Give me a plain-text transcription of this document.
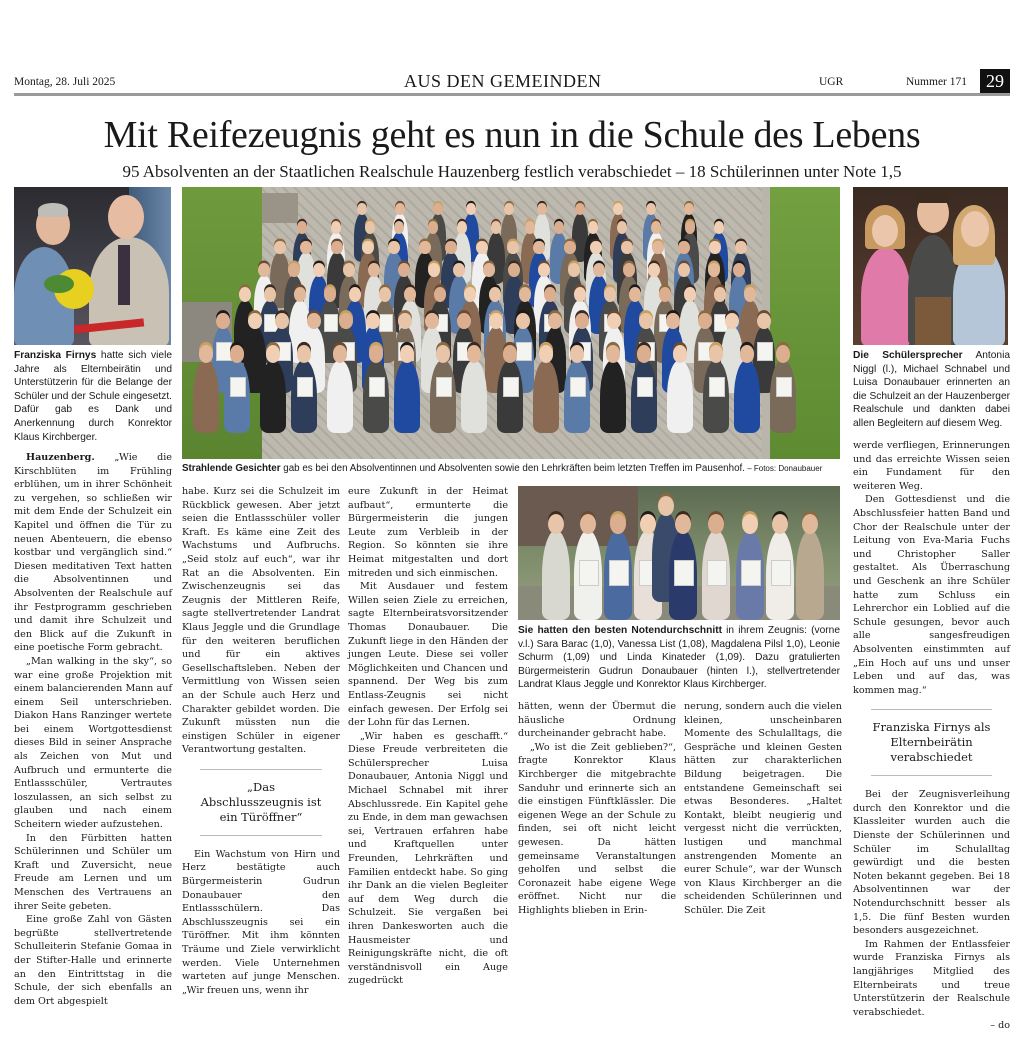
Montag, 28. Juli 2025	AUS DEN GEMEINDEN	UGR	Nummer 171	29
Mit Reifezeugnis geht es nun in die Schule des Lebens
95 Absolventen an der Staatlichen Realschule Hauzenberg festlich verabschiedet – 18 Schülerinnen unter Note 1,5
Franziska Firnys hatte sich viele Jahre als Elternbeirätin und Unterstützerin für die Belange der Schüler und der Schule eingesetzt. Dafür gab es Dank und Anerkennung durch Konrektor Klaus Kirchberger.
Strahlende Gesichter gab es bei den Absolventinnen und Absolventen sowie den Lehrkräften beim letzten Treffen im Pausenhof. – Fotos: Donaubauer
Die Schülersprecher Antonia Niggl (l.), Michael Schnabel und Luisa Donaubauer erinnerten an die Schulzeit an der Hauzenberger Realschule und dankten dabei allen Begleitern auf diesem Weg.
Sie hatten den besten Notendurchschnitt in ihrem Zeugnis: (vorne v.l.) Sara Barac (1,0), Vanessa List (1,08), Magdalena Pilsl 1,0), Leonie Schurm (1,09) und Linda Kinateder (1,09). Dazu gratulierten Bürgermeisterin Gudrun Donaubauer (hinten l.), stellvertretender Landrat Klaus Jeggle und Konrektor Klaus Kirchberger.

Hauzenberg. „Wie die Kirschblüten im Frühling erblühen, um in ihrer Schönheit zu vergehen, so schließen wir mit dem Ende der Schulzeit ein Kapitel und öffnen die Tür zu neuen Abenteuern, die ebenso kostbar und vergänglich sind.“ Diesen meditativen Text hatten die Absolventinnen und Absolventen der Realschule auf ihr Festprogramm geschrieben und damit ihre Schulzeit und den Blick auf die Zukunft in eine poetische Form gebracht.

„Man walking in the sky“, so war eine große Projektion mit einem balancierenden Mann auf einem Seil unterschrieben. Diakon Hans Ranzinger wertete bei einem Wortgottesdienst dieses Bild in seiner Ansprache als Zeichen von Mut und Aufbruch und ermunterte die Entlassschüler, Vertrautes loszulassen, an sich selbst zu glauben und nach einem Scheitern wieder aufzustehen.

In den Fürbitten hatten Schülerinnen und Schüler um Kraft und Zuversicht, neue Freude am Lernen und um Menschen des Vertrauens an ihrer Seite gebeten.

Eine große Zahl von Gästen begrüßte stellvertretende Schulleiterin Stefanie Gomaa in der Stifter-Halle und erinnerte an den Eintrittstag in die Schule, der sich ebenfalls an dem Ort abgespielt

habe. Kurz sei die Schulzeit im Rückblick gewesen. Aber jetzt seien die Entlassschüler voller Kraft. Es käme eine Zeit des Wachstums und Aufbruchs. „Seid stolz auf euch“, war ihr Rat an die Absolventen. Ein Zwischenzeugnis sei das Zeugnis der Mittleren Reife, sagte stellvertretender Landrat Klaus Jeggle und die Grundlage für den weiteren beruflichen und für ein aktives Gesellschaftsleben. Neben der Vermittlung von Wissen seien an der Schule auch Herz und Charakter gebildet worden. Die Zukunft müssten nun die einstigen Schüler in eigener Verantwortung gestalten.

„Das Abschlusszeugnis ist ein Türöffner“

Ein Wachstum von Hirn und Herz bestätigte auch Bürgermeisterin Gudrun Donaubauer den Entlassschülern. Das Abschlusszeugnis sei ein Türöffner. Mit ihm könnten Träume und Ziele verwirklicht werden. Viele Unternehmen warteten auf junge Menschen. „Wir freuen uns, wenn ihr

eure Zukunft in der Heimat aufbaut“, ermunterte die Bürgermeisterin die jungen Leute zum Verbleib in der Region. So könnten sie ihre Heimat mitgestalten und dort mitreden und sich einmischen.

Mit Ausdauer und festem Willen seien Ziele zu erreichen, sagte Elternbeiratsvorsitzender Thomas Donaubauer. Die Zukunft liege in den Händen der jungen Leute. Diese sei voller Möglichkeiten und Chancen und spannend. Der Weg bis zum Entlass-Zeugnis sei nicht einfach gewesen. Der Erfolg sei der Lohn für das Lernen.

„Wir haben es geschafft.“ Diese Freude verbreiteten die Schülersprecher Luisa Donaubauer, Antonia Niggl und Michael Schnabel mit ihrer Abschlussrede. Ein Kapitel gehe zu Ende, in dem man gewachsen sei, Vertrauen erfahren habe und Kraftquellen unter Freunden, Lehrkräften und Familien entdeckt habe. So ging ihr Dank an die vielen Begleiter auf dem Weg durch die Schulzeit. Sie vergaßen bei ihren Dankesworten auch die Hausmeister und Reinigungskräfte nicht, die oft verständnisvoll ein Auge zugedrückt

hätten, wenn der Übermut die häusliche Ordnung durcheinander gebracht habe.

„Wo ist die Zeit geblieben?“, fragte Konrektor Klaus Kirchberger die mitgebrachte Sanduhr und erinnerte sich an die einstigen Fünftklässler. Die eigenen Wege an der Schule zu finden, sei oft nicht leicht gewesen. Da hätten gemeinsame Veranstaltungen geholfen und selbst die Coronazeit habe eigene Wege eröffnet. Nicht nur die Highlights blieben in Erin-

nerung, sondern auch die vielen kleinen, unscheinbaren Momente des Schulalltags, die Gespräche und kleinen Gesten hätten zur charakterlichen Bildung beigetragen. Die entstandene Gemeinschaft sei etwas Besonderes. „Haltet Kontakt, bleibt neugierig und vergesst nicht die verrückten, lustigen und manchmal anstrengenden Momente an eurer Schule“, war der Wunsch von Klaus Kirchberger an die scheidenden Schülerinnen und Schüler. Die Zeit

werde verfliegen, Erinnerungen und das erreichte Wissen seien ein Fundament für den weiteren Weg.

Den Gottesdienst und die Abschlussfeier hatten Band und Chor der Realschule unter der Leitung von Eva-Maria Fuchs und Christopher Saller gestaltet. Als Überraschung und Geschenk an ihre Schüler hatte zum Schluss ein Lehrerchor ein Loblied auf die Schule gesungen, bevor auch alle sangesfreudigen Absolventen einstimmten auf „Ein Hoch auf uns und unser Leben und auf das, was kommen mag.“

Franziska Firnys als Elternbeirätin verabschiedet

Bei der Zeugnisverleihung durch den Konrektor und die Klassleiter wurden auch die Dienste der Schülerinnen und Schüler im Schulalltag gewürdigt und die besten Noten bekannt gegeben. Bei 18 Absolventinnen war der Notendurchschnitt besser als 1,5. Die fünf Besten wurden besonders ausgezeichnet.

Im Rahmen der Entlassfeier wurde Franziska Firnys als langjähriges Mitglied des Elternbeirats und treue Unterstützerin der Realschule verabschiedet.

– do
